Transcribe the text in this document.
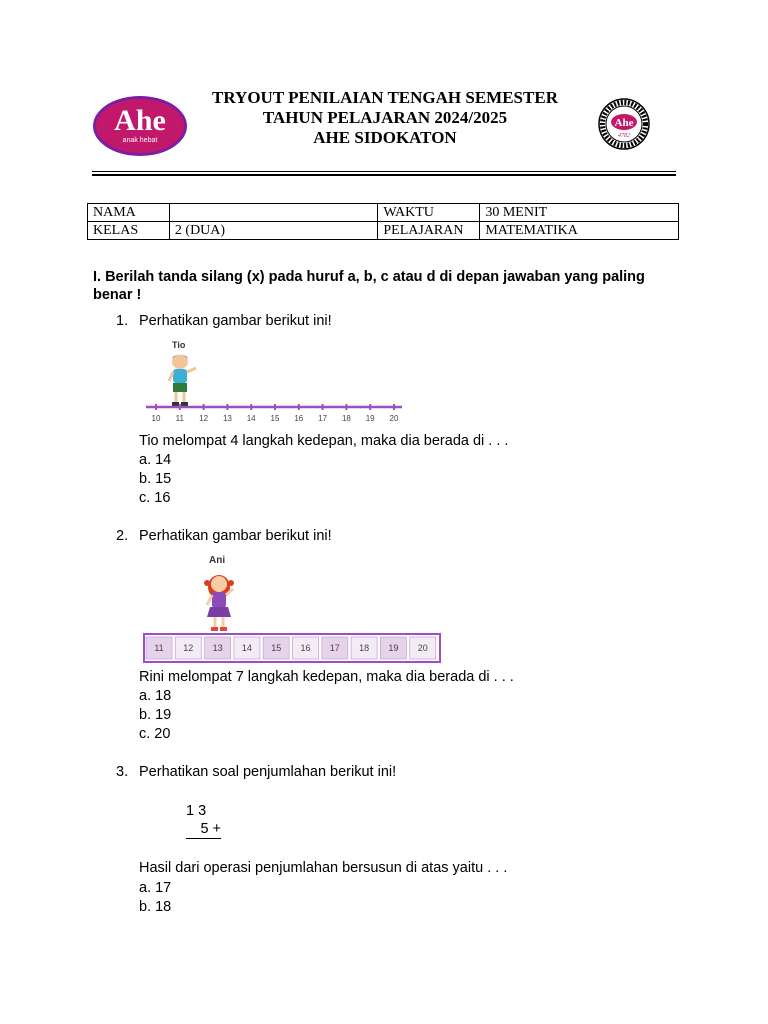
Ahe
anak hebat
TRYOUT PENILAIAN TENGAH SEMESTER
TAHUN PELAJARAN 2024/2025
AHE SIDOKATON
Ahe
4782
NAMA		WAKTU	30 MENIT
KELAS	2 (DUA)	PELAJARAN	MATEMATIKA
I. Berilah tanda silang (x) pada huruf a, b, c atau d di depan jawaban yang paling benar !
1. Perhatikan gambar berikut ini!
Tio
10 11 12 13 14 15 16 17 18 19 20
Tio melompat 4 langkah kedepan, maka dia berada di . . .
a. 14
b. 15
c. 16
2. Perhatikan gambar berikut ini!
Ani
11 12 13 14 15 16 17 18 19 20
Rini melompat 7 langkah kedepan, maka dia berada di . . .
a. 18
b. 19
c. 20
3. Perhatikan soal penjumlahan berikut ini!
1 3
5 +
Hasil dari operasi penjumlahan bersusun di atas yaitu . . .
a. 17
b. 18
